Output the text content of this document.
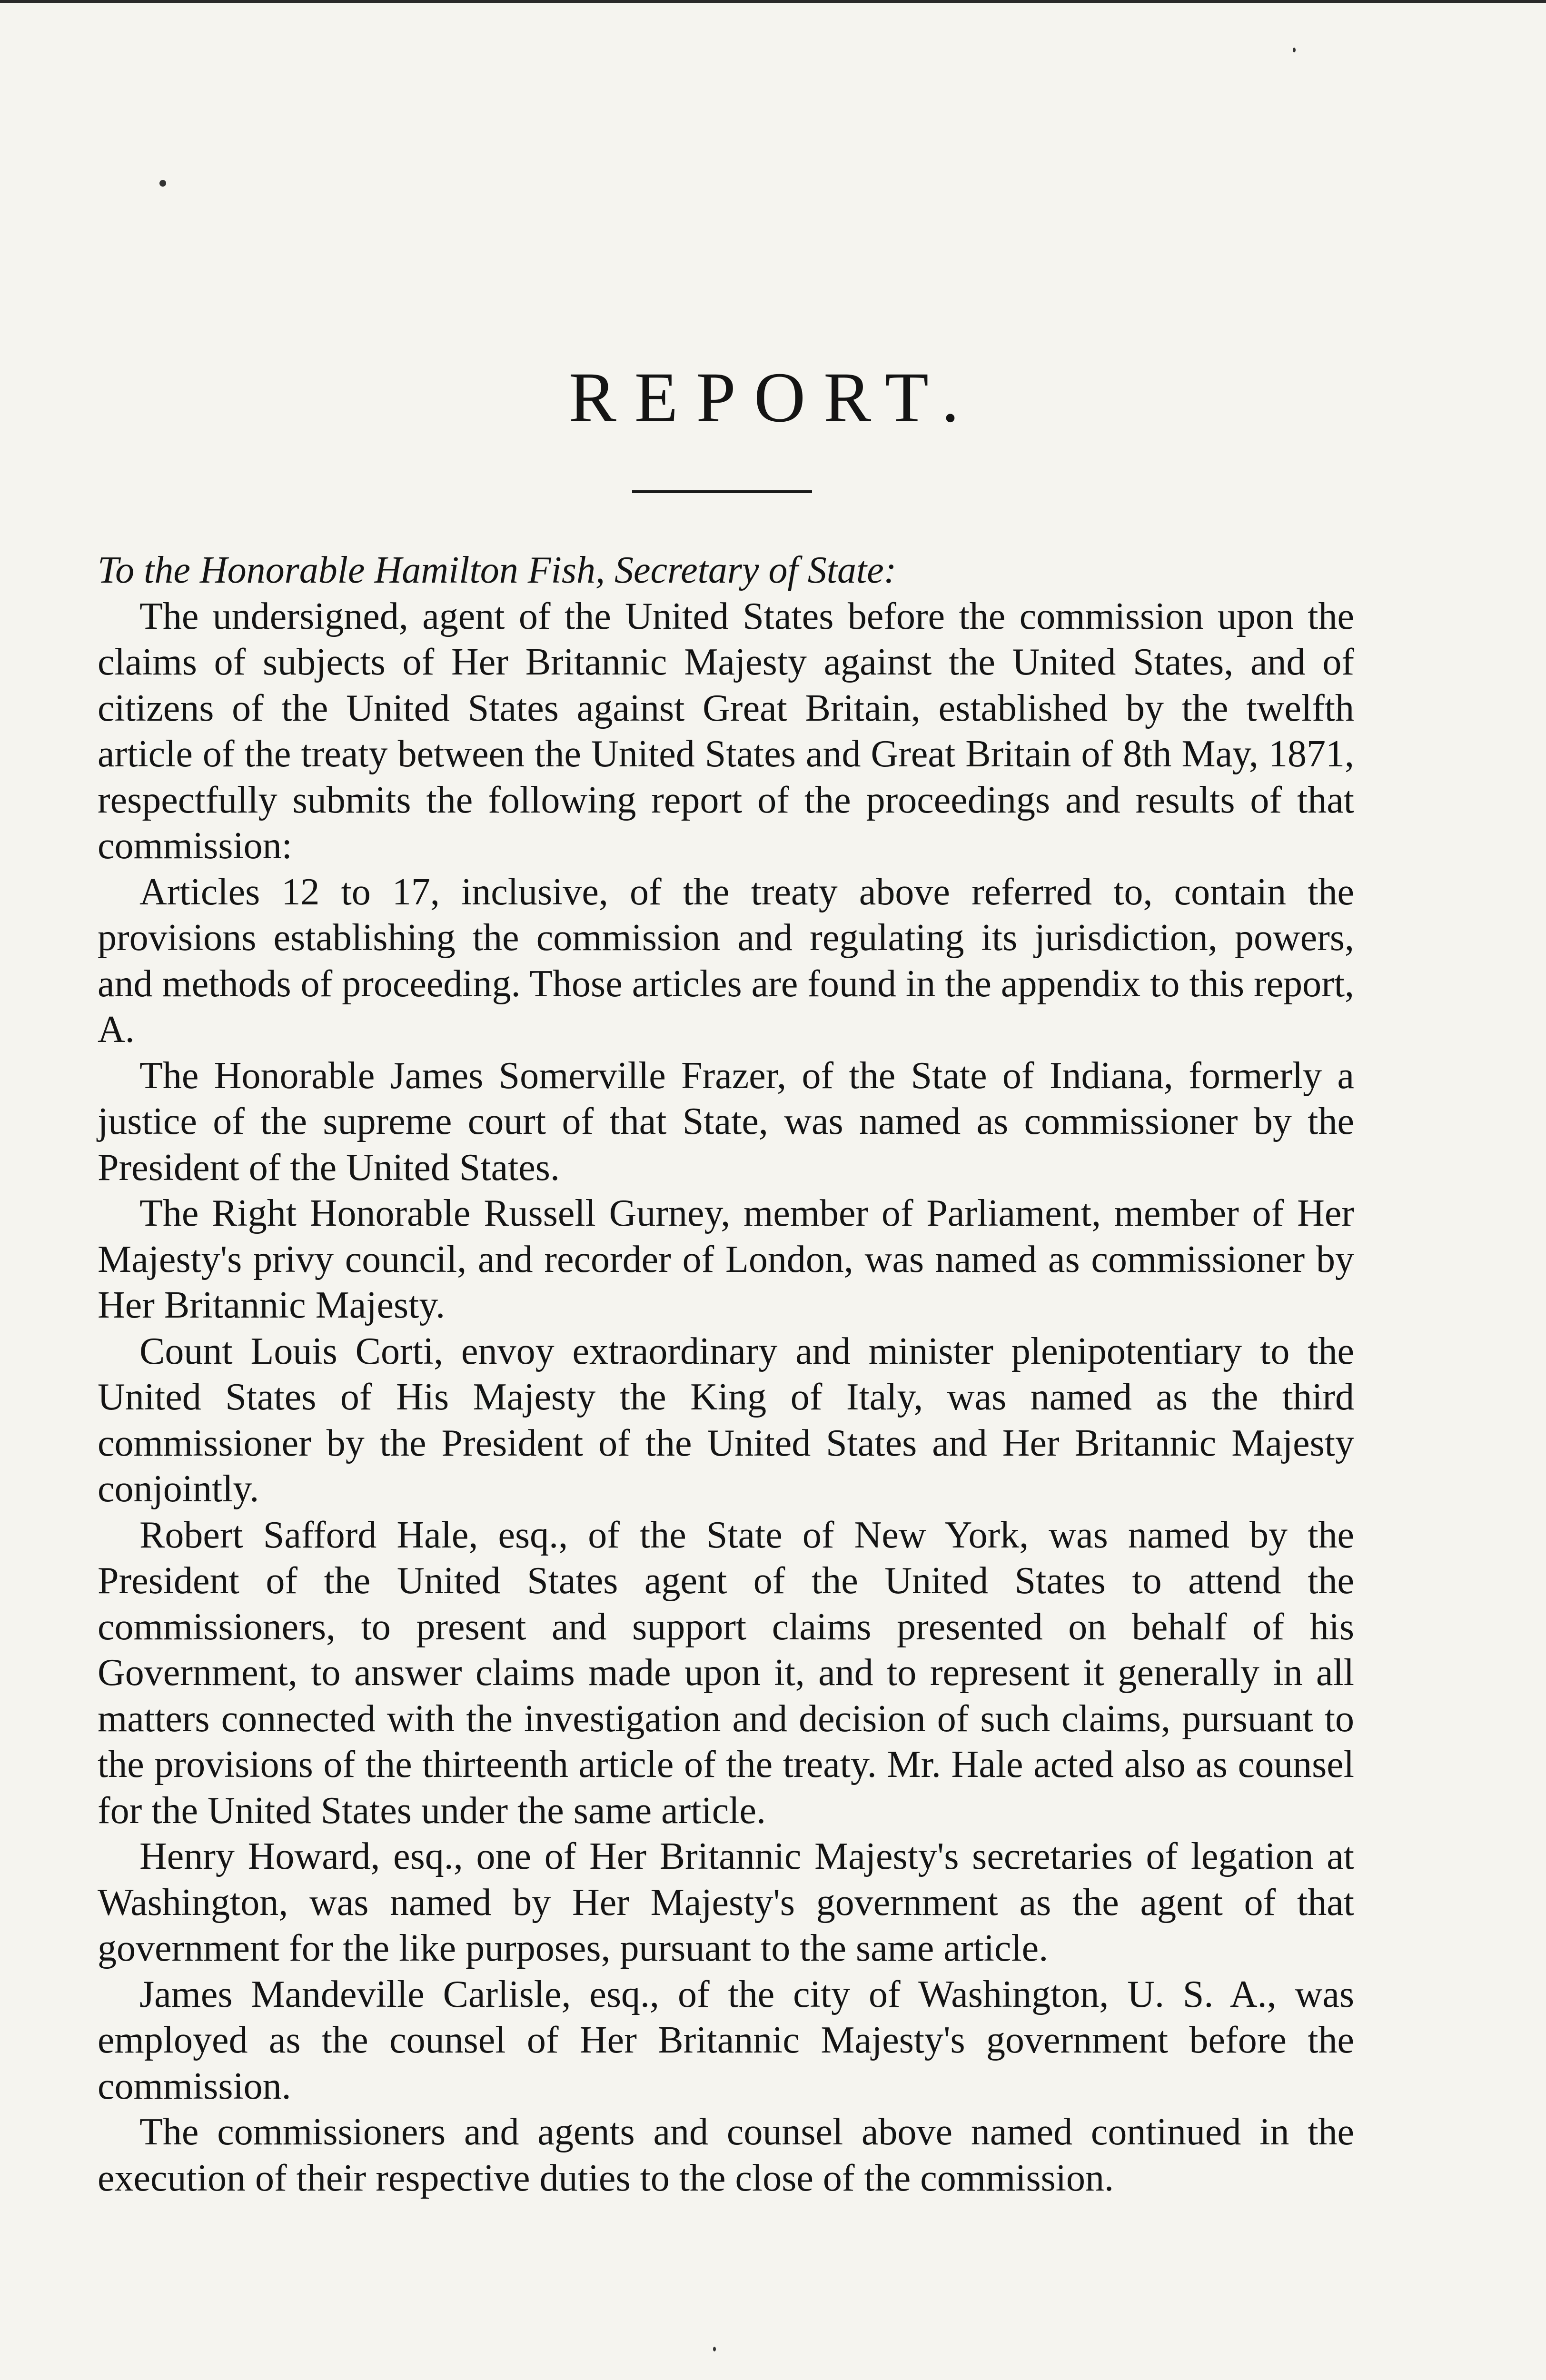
REPORT.

To the Honorable Hamilton Fish, Secretary of State:

The undersigned, agent of the United States before the commission upon the claims of subjects of Her Britannic Majesty against the United States, and of citizens of the United States against Great Britain, established by the twelfth article of the treaty between the United States and Great Britain of 8th May, 1871, respectfully submits the following report of the proceedings and results of that commission:

Articles 12 to 17, inclusive, of the treaty above referred to, contain the provisions establishing the commission and regulating its jurisdiction, powers, and methods of proceeding. Those articles are found in the appendix to this report, A.

The Honorable James Somerville Frazer, of the State of Indiana, formerly a justice of the supreme court of that State, was named as commissioner by the President of the United States.

The Right Honorable Russell Gurney, member of Parliament, member of Her Majesty's privy council, and recorder of London, was named as commissioner by Her Britannic Majesty.

Count Louis Corti, envoy extraordinary and minister plenipotentiary to the United States of His Majesty the King of Italy, was named as the third commissioner by the President of the United States and Her Britannic Majesty conjointly.

Robert Safford Hale, esq., of the State of New York, was named by the President of the United States agent of the United States to attend the commissioners, to present and support claims presented on behalf of his Government, to answer claims made upon it, and to represent it generally in all matters connected with the investigation and decision of such claims, pursuant to the provisions of the thirteenth article of the treaty. Mr. Hale acted also as counsel for the United States under the same article.

Henry Howard, esq., one of Her Britannic Majesty's secretaries of legation at Washington, was named by Her Majesty's government as the agent of that government for the like purposes, pursuant to the same article.

James Mandeville Carlisle, esq., of the city of Washington, U. S. A., was employed as the counsel of Her Britannic Majesty's government before the commission.

The commissioners and agents and counsel above named continued in the execution of their respective duties to the close of the commission.
